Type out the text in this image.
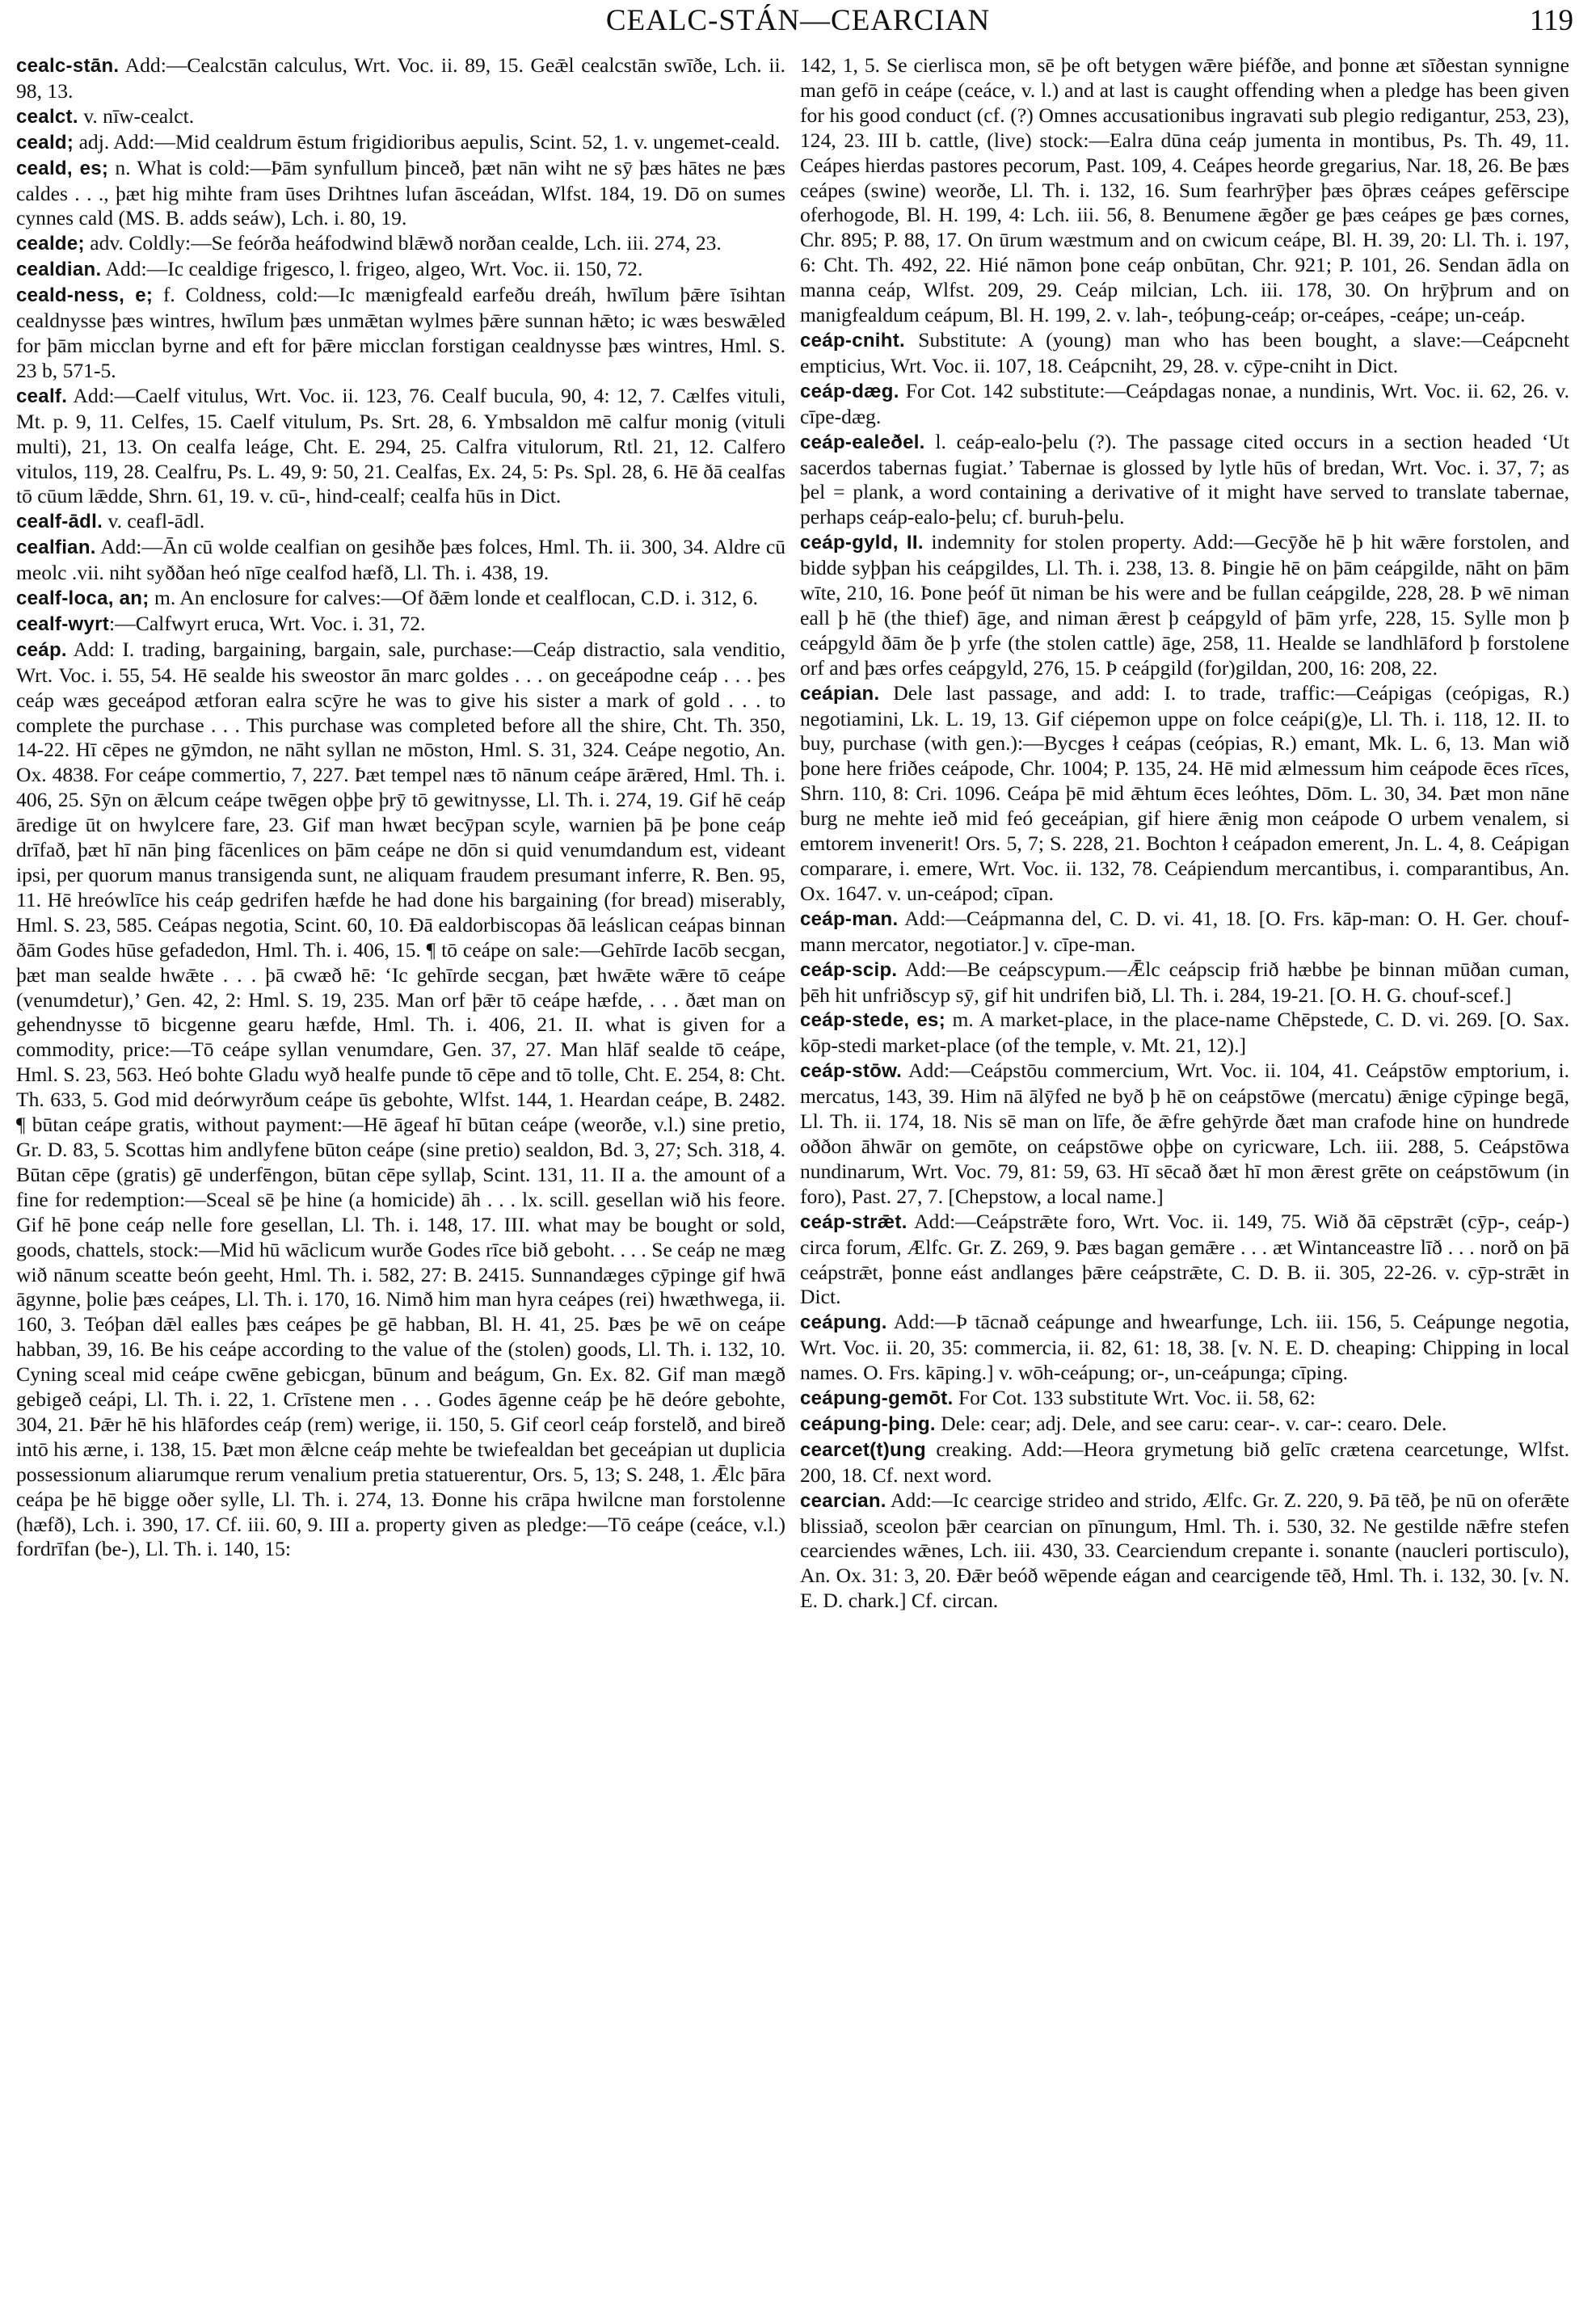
CEALC-STÁN—CEARCIAN	119

cealc-stān. Add:—Cealcstān calculus, Wrt. Voc. ii. 89, 15. Geǣl cealcstān swīðe, Lch. ii. 98, 13.

cealct. v. nīw-cealct.

ceald; adj. Add:—Mid cealdrum ēstum frigidioribus aepulis, Scint. 52, 1. v. ungemet-ceald.

ceald, es; n. What is cold:—Þām synfullum þinceð, þæt nān wiht ne sȳ þæs hātes ne þæs caldes . . ., þæt hig mihte fram ūses Drihtnes lufan āsceádan, Wlfst. 184, 19. Dō on sumes cynnes cald (MS. B. adds seáw), Lch. i. 80, 19.

cealde; adv. Coldly:—Se feórða heáfodwind blǣwð norðan cealde, Lch. iii. 274, 23.

cealdian. Add:—Ic cealdige frigesco, l. frigeo, algeo, Wrt. Voc. ii. 150, 72.

ceald-ness, e; f. Coldness, cold:—Ic mænigfeald earfeðu dreáh, hwīlum þǣre īsihtan cealdnysse þæs wintres, hwīlum þæs unmǣtan wylmes þǣre sunnan hǣto; ic wæs beswǣled for þām micclan byrne and eft for þǣre micclan forstigan cealdnysse þæs wintres, Hml. S. 23 b, 571-5.

cealf. Add:—Caelf vitulus, Wrt. Voc. ii. 123, 76. Cealf bucula, 90, 4: 12, 7. Cælfes vituli, Mt. p. 9, 11. Celfes, 15. Caelf vitulum, Ps. Srt. 28, 6. Ymbsaldon mē calfur monig (vituli multi), 21, 13. On cealfa leáge, Cht. E. 294, 25. Calfra vitulorum, Rtl. 21, 12. Calfero vitulos, 119, 28. Cealfru, Ps. L. 49, 9: 50, 21. Cealfas, Ex. 24, 5: Ps. Spl. 28, 6. Hē ðā cealfas tō cūum lǣdde, Shrn. 61, 19. v. cū-, hind-cealf; cealfa hūs in Dict.

cealf-ādl. v. ceafl-ādl.

cealfian. Add:—Ān cū wolde cealfian on gesihðe þæs folces, Hml. Th. ii. 300, 34. Aldre cū meolc .vii. niht syððan heó nīge cealfod hæfð, Ll. Th. i. 438, 19.

cealf-loca, an; m. An enclosure for calves:—Of ðǣm londe et cealflocan, C.D. i. 312, 6.

cealf-wyrt:—Calfwyrt eruca, Wrt. Voc. i. 31, 72.

ceáp. Add: I. trading, bargaining, bargain, sale, purchase:—Ceáp distractio, sala venditio, Wrt. Voc. i. 55, 54. Hē sealde his sweostor ān marc goldes . . . on geceápodne ceáp . . . þes ceáp wæs geceápod ætforan ealra scȳre he was to give his sister a mark of gold . . . to complete the purchase . . . This purchase was completed before all the shire, Cht. Th. 350, 14-22. Hī cēpes ne gȳmdon, ne nāht syllan ne mōston, Hml. S. 31, 324. Ceápe negotio, An. Ox. 4838. For ceápe commertio, 7, 227. Þæt tempel næs tō nānum ceápe ārǣred, Hml. Th. i. 406, 25. Sȳn on ǣlcum ceápe twēgen oþþe þrȳ tō gewitnysse, Ll. Th. i. 274, 19. Gif hē ceáp āredige ūt on hwylcere fare, 23. Gif man hwæt becȳpan scyle, warnien þā þe þone ceáp drīfað, þæt hī nān þing fācenlices on þām ceápe ne dōn si quid venumdandum est, videant ipsi, per quorum manus transigenda sunt, ne aliquam fraudem presumant inferre, R. Ben. 95, 11. Hē hreówlīce his ceáp gedrifen hæfde he had done his bargaining (for bread) miserably, Hml. S. 23, 585. Ceápas negotia, Scint. 60, 10. Ðā ealdorbiscopas ðā leáslican ceápas binnan ðām Godes hūse gefadedon, Hml. Th. i. 406, 15. ¶ tō ceápe on sale:—Gehīrde Iacōb secgan, þæt man sealde hwǣte . . . þā cwæð hē: ‘Ic gehīrde secgan, þæt hwǣte wǣre tō ceápe (venumdetur),’ Gen. 42, 2: Hml. S. 19, 235. Man orf þǣr tō ceápe hæfde, . . . ðæt man on gehendnysse tō bicgenne gearu hæfde, Hml. Th. i. 406, 21. II. what is given for a commodity, price:—Tō ceápe syllan venumdare, Gen. 37, 27. Man hlāf sealde tō ceápe, Hml. S. 23, 563. Heó bohte Gladu wyð healfe punde tō cēpe and tō tolle, Cht. E. 254, 8: Cht. Th. 633, 5. God mid deórwyrðum ceápe ūs gebohte, Wlfst. 144, 1. Heardan ceápe, B. 2482. ¶ būtan ceápe gratis, without payment:—Hē āgeaf hī būtan ceápe (weorðe, v.l.) sine pretio, Gr. D. 83, 5. Scottas him andlyfene būton ceápe (sine pretio) sealdon, Bd. 3, 27; Sch. 318, 4. Būtan cēpe (gratis) gē underfēngon, būtan cēpe syllaþ, Scint. 131, 11. II a. the amount of a fine for redemption:—Sceal sē þe hine (a homicide) āh . . . lx. scill. gesellan wið his feore. Gif hē þone ceáp nelle fore gesellan, Ll. Th. i. 148, 17. III. what may be bought or sold, goods, chattels, stock:—Mid hū wāclicum wurðe Godes rīce bið geboht. . . . Se ceáp ne mæg wið nānum sceatte beón geeht, Hml. Th. i. 582, 27: B. 2415. Sunnandæges cȳpinge gif hwā āgynne, þolie þæs ceápes, Ll. Th. i. 170, 16. Nimð him man hyra ceápes (rei) hwæthwega, ii. 160, 3. Teóþan dǣl ealles þæs ceápes þe gē habban, Bl. H. 41, 25. Þæs þe wē on ceápe habban, 39, 16. Be his ceápe according to the value of the (stolen) goods, Ll. Th. i. 132, 10. Cyning sceal mid ceápe cwēne gebicgan, būnum and beágum, Gn. Ex. 82. Gif man mægð gebigeð ceápi, Ll. Th. i. 22, 1. Crīstene men . . . Godes āgenne ceáp þe hē deóre gebohte, 304, 21. Þǣr hē his hlāfordes ceáp (rem) werige, ii. 150, 5. Gif ceorl ceáp forstelð, and bireð intō his ærne, i. 138, 15. Þæt mon ǣlcne ceáp mehte be twiefealdan bet geceápian ut duplicia possessionum aliarumque rerum venalium pretia statuerentur, Ors. 5, 13; S. 248, 1. Ǣlc þāra ceápa þe hē bigge oðer sylle, Ll. Th. i. 274, 13. Ðonne his crāpa hwilcne man forstolenne (hæfð), Lch. i. 390, 17. Cf. iii. 60, 9. III a. property given as pledge:—Tō ceápe (ceáce, v.l.) fordrīfan (be-), Ll. Th. i. 140, 15:

142, 1, 5. Se cierlisca mon, sē þe oft betygen wǣre þiéfðe, and þonne æt sīðestan synnigne man gefō in ceápe (ceáce, v. l.) and at last is caught offending when a pledge has been given for his good conduct (cf. (?) Omnes accusationibus ingravati sub plegio redigantur, 253, 23), 124, 23. III b. cattle, (live) stock:—Ealra dūna ceáp jumenta in montibus, Ps. Th. 49, 11. Ceápes hierdas pastores pecorum, Past. 109, 4. Ceápes heorde gregarius, Nar. 18, 26. Be þæs ceápes (swine) weorðe, Ll. Th. i. 132, 16. Sum fearhrȳþer þæs ōþræs ceápes gefērscipe oferhogode, Bl. H. 199, 4: Lch. iii. 56, 8. Benumene ǣgðer ge þæs ceápes ge þæs cornes, Chr. 895; P. 88, 17. On ūrum wæstmum and on cwicum ceápe, Bl. H. 39, 20: Ll. Th. i. 197, 6: Cht. Th. 492, 22. Hié nāmon þone ceáp onbūtan, Chr. 921; P. 101, 26. Sendan ādla on manna ceáp, Wlfst. 209, 29. Ceáp milcian, Lch. iii. 178, 30. On hrȳþrum and on manigfealdum ceápum, Bl. H. 199, 2. v. lah-, teóþung-ceáp; or-ceápes, -ceápe; un-ceáp.

ceáp-cniht. Substitute: A (young) man who has been bought, a slave:—Ceápcneht empticius, Wrt. Voc. ii. 107, 18. Ceápcniht, 29, 28. v. cȳpe-cniht in Dict.

ceáp-dæg. For Cot. 142 substitute:—Ceápdagas nonae, a nundinis, Wrt. Voc. ii. 62, 26. v. cīpe-dæg.

ceáp-ealeðel. l. ceáp-ealo-þelu (?). The passage cited occurs in a section headed ‘Ut sacerdos tabernas fugiat.’ Tabernae is glossed by lytle hūs of bredan, Wrt. Voc. i. 37, 7; as þel = plank, a word containing a derivative of it might have served to translate tabernae, perhaps ceáp-ealo-þelu; cf. buruh-þelu.

ceáp-gyld, II. indemnity for stolen property. Add:—Gecȳðe hē þ hit wǣre forstolen, and bidde syþþan his ceápgildes, Ll. Th. i. 238, 13. 8. Þingie hē on þām ceápgilde, nāht on þām wīte, 210, 16. Þone þeóf ūt niman be his were and be fullan ceápgilde, 228, 28. Þ wē niman eall þ hē (the thief) āge, and niman ǣrest þ ceápgyld of þām yrfe, 228, 15. Sylle mon þ ceápgyld ðām ðe þ yrfe (the stolen cattle) āge, 258, 11. Healde se landhlāford þ forstolene orf and þæs orfes ceápgyld, 276, 15. Þ ceápgild (for)gildan, 200, 16: 208, 22.

ceápian. Dele last passage, and add: I. to trade, traffic:—Ceápigas (ceópigas, R.) negotiamini, Lk. L. 19, 13. Gif ciépemon uppe on folce ceápi(g)e, Ll. Th. i. 118, 12. II. to buy, purchase (with gen.):—Bycges ł ceápas (ceópias, R.) emant, Mk. L. 6, 13. Man wið þone here friðes ceápode, Chr. 1004; P. 135, 24. Hē mid ælmessum him ceápode ēces rīces, Shrn. 110, 8: Cri. 1096. Ceápa þē mid ǣhtum ēces leóhtes, Dōm. L. 30, 34. Þæt mon nāne burg ne mehte ieð mid feó geceápian, gif hiere ǣnig mon ceápode O urbem venalem, si emtorem invenerit! Ors. 5, 7; S. 228, 21. Bochton ł ceápadon emerent, Jn. L. 4, 8. Ceápigan comparare, i. emere, Wrt. Voc. ii. 132, 78. Ceápiendum mercantibus, i. comparantibus, An. Ox. 1647. v. un-ceápod; cīpan.

ceáp-man. Add:—Ceápmanna del, C. D. vi. 41, 18. [O. Frs. kāp-man: O. H. Ger. chouf-mann mercator, negotiator.] v. cīpe-man.

ceáp-scip. Add:—Be ceápscypum.—Ǣlc ceápscip frið hæbbe þe binnan mūðan cuman, þēh hit unfriðscyp sȳ, gif hit undrifen bið, Ll. Th. i. 284, 19-21. [O. H. G. chouf-scef.]

ceáp-stede, es; m. A market-place, in the place-name Chēpstede, C. D. vi. 269. [O. Sax. kōp-stedi market-place (of the temple, v. Mt. 21, 12).]

ceáp-stōw. Add:—Ceápstōu commercium, Wrt. Voc. ii. 104, 41. Ceápstōw emptorium, i. mercatus, 143, 39. Him nā ālȳfed ne byð þ hē on ceápstōwe (mercatu) ǣnige cȳpinge begā, Ll. Th. ii. 174, 18. Nis sē man on līfe, ðe ǣfre gehȳrde ðæt man crafode hine on hundrede oððon āhwār on gemōte, on ceápstōwe oþþe on cyricware, Lch. iii. 288, 5. Ceápstōwa nundinarum, Wrt. Voc. 79, 81: 59, 63. Hī sēcað ðæt hī mon ǣrest grēte on ceápstōwum (in foro), Past. 27, 7. [Chepstow, a local name.]

ceáp-strǣt. Add:—Ceápstrǣte foro, Wrt. Voc. ii. 149, 75. Wið ðā cēpstrǣt (cȳp-, ceáp-) circa forum, Ælfc. Gr. Z. 269, 9. Þæs bagan gemǣre . . . æt Wintanceastre līð . . . norð on þā ceápstrǣt, þonne eást andlanges þǣre ceápstrǣte, C. D. B. ii. 305, 22-26. v. cȳp-strǣt in Dict.

ceápung. Add:—Þ tācnað ceápunge and hwearfunge, Lch. iii. 156, 5. Ceápunge negotia, Wrt. Voc. ii. 20, 35: commercia, ii. 82, 61: 18, 38. [v. N. E. D. cheaping: Chipping in local names. O. Frs. kāping.] v. wōh-ceápung; or-, un-ceápunga; cīping.

ceápung-gemōt. For Cot. 133 substitute Wrt. Voc. ii. 58, 62:

ceápung-þing. Dele: cear; adj. Dele, and see caru: cear-. v. car-: cearo. Dele.

cearcet(t)ung creaking. Add:—Heora grymetung bið gelīc crætena cearcetunge, Wlfst. 200, 18. Cf. next word.

cearcian. Add:—Ic cearcige strideo and strido, Ælfc. Gr. Z. 220, 9. Þā tēð, þe nū on oferǣte blissiað, sceolon þǣr cearcian on pīnungum, Hml. Th. i. 530, 32. Ne gestilde nǣfre stefen cearciendes wǣnes, Lch. iii. 430, 33. Cearciendum crepante i. sonante (naucleri portisculo), An. Ox. 31: 3, 20. Ðǣr beóð wēpende eágan and cearcigende tēð, Hml. Th. i. 132, 30. [v. N. E. D. chark.] Cf. circan.
